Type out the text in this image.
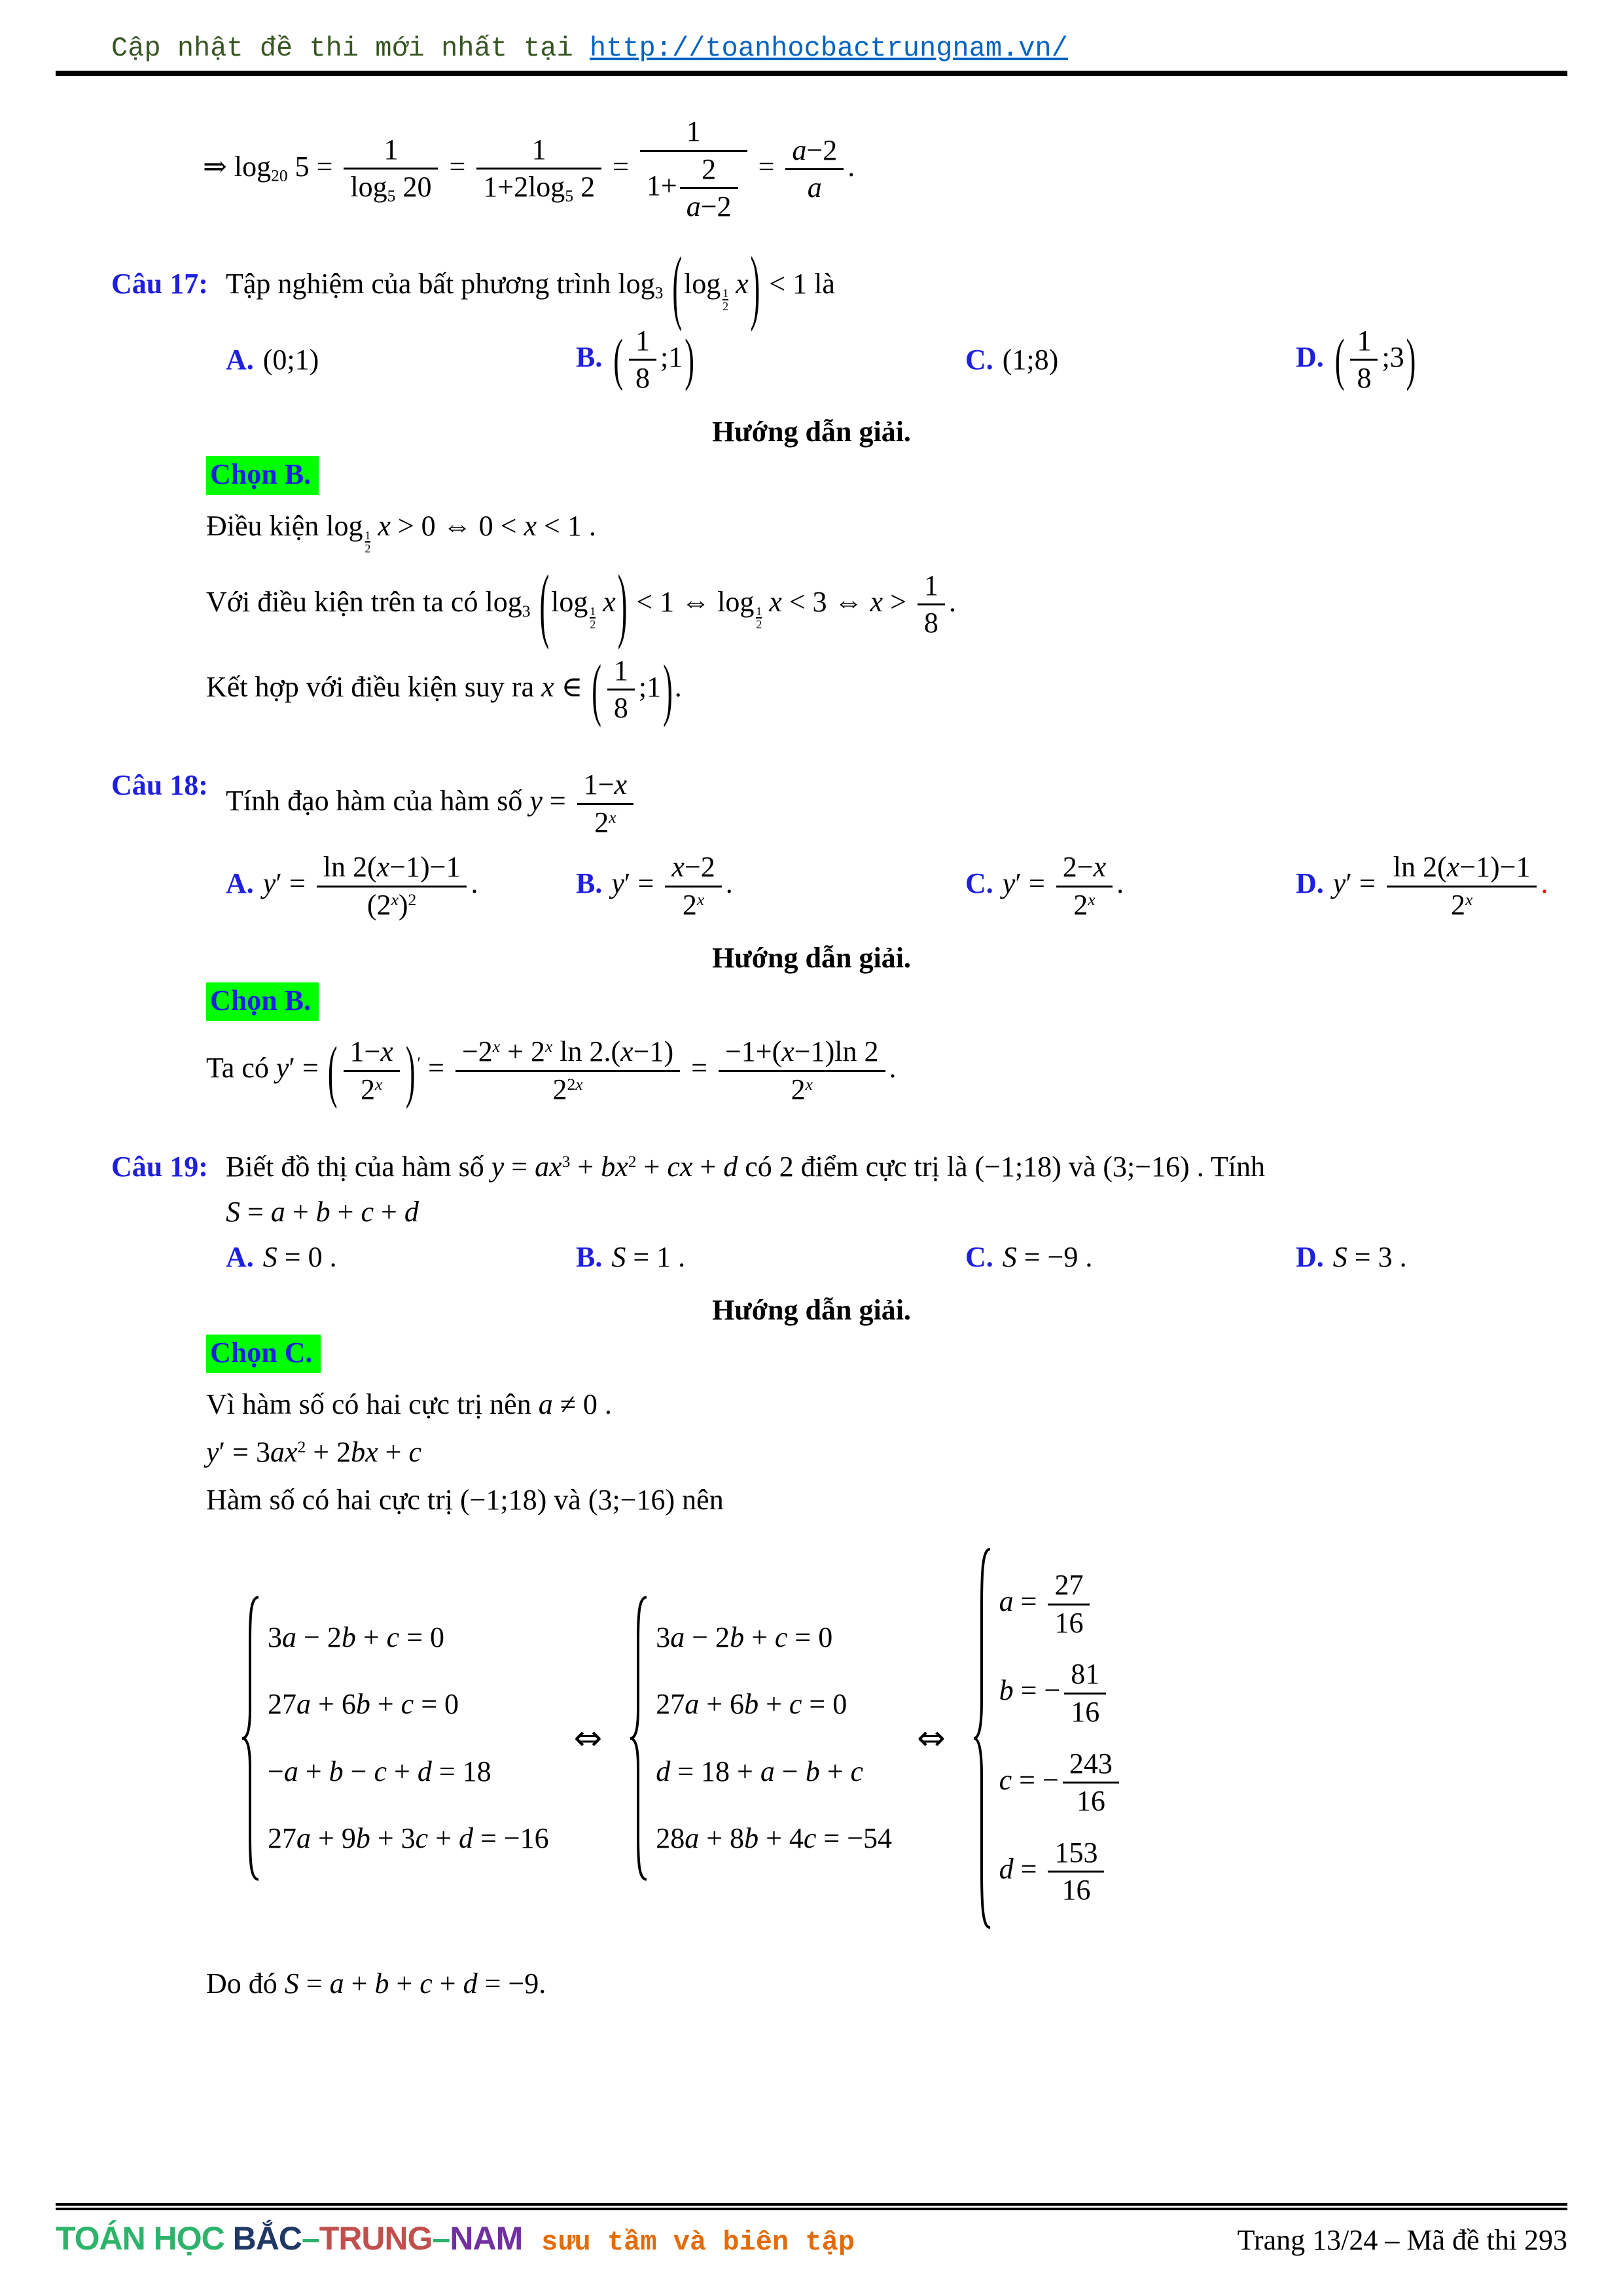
Cập nhật đề thi mới nhất tại http://toanhocbactrungnam.vn/
⇒ $\log_{20} 5 = \frac{1}{\log_5 20} = \frac{1}{1+2\log_5 2} = \frac{1}{1+ \frac{2}{a-2}} = \frac{a-2}{a}$ .
Câu 17: Tập nghiệm của bất phương trình $\log_3 (\log$
$\frac{1}{2}$
x) < 1 là
A. (0;1)	B. ( $\frac{1}{8}$ ;1)	C. (1;8)	D. ( $\frac{1}{8}$ ;3)
Hướng dẫn giải.
Chọn B.
Điều kiện log
$\frac{1}{2}$
x > 0 ⇔ 0 < x < 1 .
Với điều kiện trên ta có $\log_3 (\log$
$\frac{1}{2}$
x) < 1 ⇔ log
$\frac{1}{2}$
x < 3 ⇔ $x > \frac{1}{8}$ .
Kết hợp với điều kiện suy ra x ∈ ( $\frac{1}{8}$ ;1).
Câu 18: Tính đạo hàm của hàm số $y = \frac{1-x}{2^x}$
A. $y' = \frac{\ln 2(x-1)-1}{(2^x)^2}$ .	B. $y' = \frac{x-2}{2^x}$ .	C. $y' = \frac{2-x}{2^x}$ .	D. $y' = \frac{\ln 2(x-1)-1}{2^x}$ .
Hướng dẫn giải.
Chọn B.
Ta có y′ = ( $\frac{1-x}{2^x}$ ) $' = \frac{-2^x + 2^x \ln 2.(x-1)}{2^{2x}} = \frac{-1+(x-1)\ln 2}{2^x}$ .
Câu 19: Biết đồ thị của hàm số $y = ax^3 + bx^2$ + cx + d có 2 điểm cực trị là (−1;18) và (3;−16) . Tính
S = a + b + c + d
A. S = 0 .	B. S = 1 .	C. S = −9 .	D. S = 3 .
Hướng dẫn giải.
Chọn C.
Vì hàm số có hai cực trị nên a ≠ 0 .
$y' = 3ax^2 + 2bx + c$
Hàm số có hai cực trị (−1;18) và (3;−16) nên
3a − 2b + c = 0
27a + 6b + c = 0
−a + b − c + d = 18
27a + 9b + 3c + d = −16
⇔
3a − 2b + c = 0
27a + 6b + c = 0
d = 18 + a − b + c
28a + 8b + 4c = −54
⇔
$a = \frac{27}{16}$
b = − $\frac{81}{16}$
c = − $\frac{243}{16}$
$d = \frac{153}{16}$
Do đó S = a + b + c + d = −9.
TOÁN HỌC BẮC–TRUNG–NAM sưu tầm và biên tập	Trang 13/24 – Mã đề thi 293
